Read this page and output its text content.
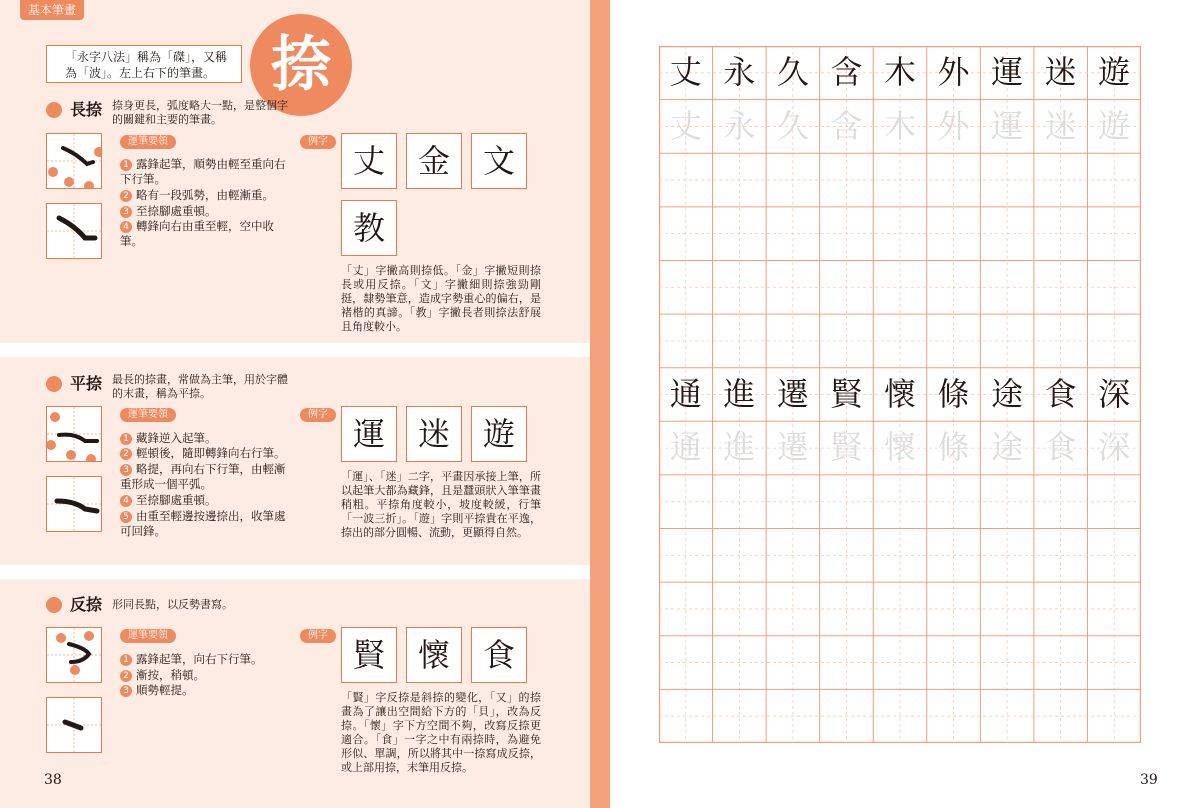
基本筆畫
「永字八法」稱為「磔」，又稱為「波」。左上右下的筆畫。 捺
長捺 捺身更長，弧度略大一點，是整個字的關鍵和主要的筆畫。
運筆要領
1 露鋒起筆，順勢由輕至重向右下行筆。
2 略有一段弧勢，由輕漸重。
3 至捺腳處重頓。
4 轉鋒向右由重至輕，空中收筆。
例字
丈	金	文
教
「丈」字撇高則捺低。「金」字撇短則捺長或用反捺。「文」字撇細則捺強勁剛挺，隸勢筆意，造成字勢重心的偏右，是褚楷的真諦。「教」字撇長者則捺法舒展且角度較小。
平捺 最長的捺畫，常做為主筆，用於字體的末畫，稱為平捺。
運筆要領
1 藏鋒逆入起筆。
2 輕頓後，隨即轉鋒向右行筆。
3 略提，再向右下行筆，由輕漸重形成一個平弧。
4 至捺腳處重頓。
5 由重至輕邊按邊捺出，收筆處可回鋒。
例字
運	迷	遊
「運」、「迷」二字，平畫因承接上筆，所以起筆大都為藏鋒，且是蠶頭狀入筆筆畫稍粗。平捺角度較小，坡度較緩，行筆「一波三折」。「遊」字則平捺貴在平逸，捺出的部分圓暢、流動，更顯得自然。
反捺 形同長點，以反勢書寫。
運筆要領
1 露鋒起筆，向右下行筆。
2 漸按，稍頓。
3 順勢輕提。
例字
賢	懷	食
「賢」字反捺是斜捺的變化，「又」的捺畫為了讓出空間給下方的「貝」，改為反捺。「懷」字下方空間不夠，改寫反捺更適合。「食」一字之中有兩捺時，為避免形似、單調，所以將其中一捺寫成反捺，或上部用捺，末筆用反捺。
38
丈 永 久 含 木 外 運 迷 遊
丈 永 久 含 木 外 運 迷 遊
通 進 遷 賢 懷 條 途 食 深
通 進 遷 賢 懷 條 途 食 深
39
